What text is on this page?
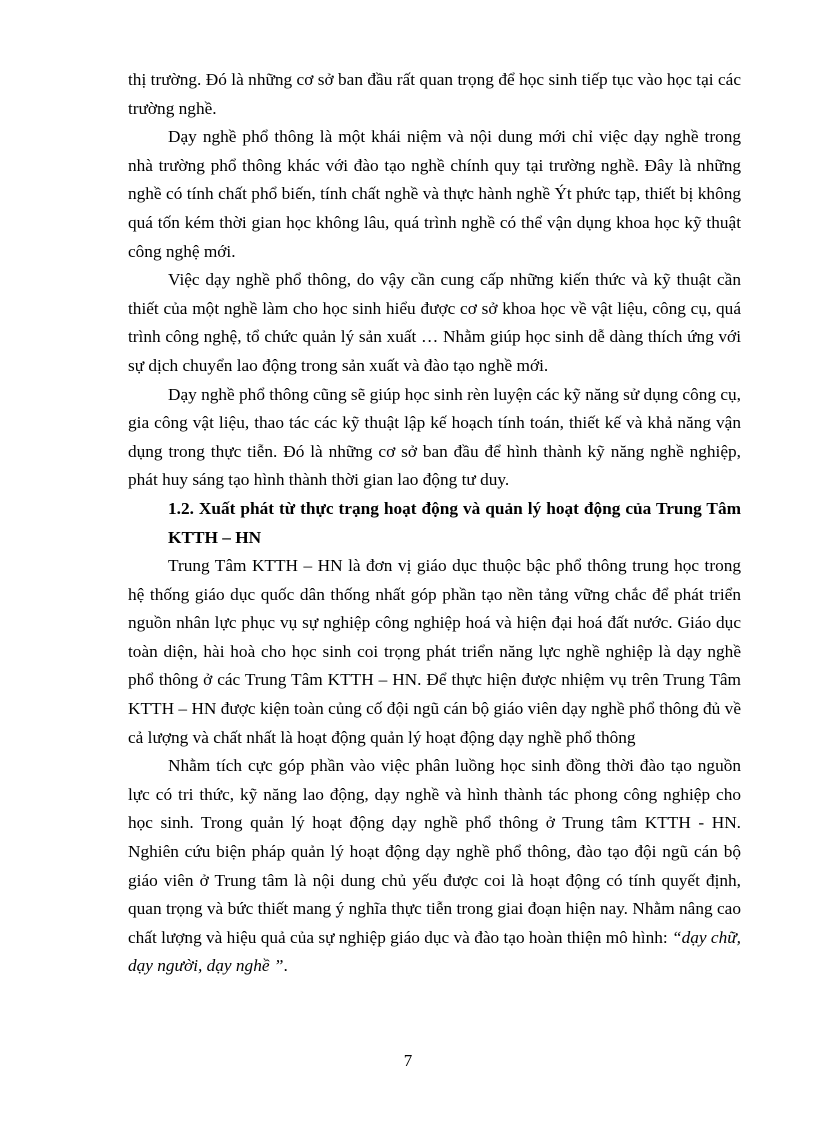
thị trường. Đó là những cơ sở ban đầu rất quan trọng để học sinh tiếp tục vào học tại các trường nghề.

Dạy nghề phổ thông là một khái niệm và nội dung mới chỉ việc dạy nghề trong nhà trường phổ thông khác với đào tạo nghề chính quy tại trường nghề. Đây là những nghề có tính chất phổ biến, tính chất nghề và thực hành nghề Ýt phức tạp, thiết bị không quá tốn kém thời gian học không lâu, quá trình nghề có thể vận dụng khoa học kỹ thuật công nghệ mới.

Việc dạy nghề phổ thông, do vậy cần cung cấp những kiến thức và kỹ thuật cần thiết của một nghề làm cho học sinh hiểu được cơ sở khoa học về vật liệu, công cụ, quá trình công nghệ, tổ chức quản lý sản xuất … Nhằm giúp học sinh dễ dàng thích ứng với sự dịch chuyển lao động trong sản xuất và đào tạo nghề mới.

Dạy nghề phổ thông cũng sẽ giúp học sinh rèn luyện các kỹ năng sử dụng công cụ, gia công vật liệu, thao tác các kỹ thuật lập kế hoạch tính toán, thiết kế và khả năng vận dụng trong thực tiễn. Đó là những cơ sở ban đầu để hình thành kỹ năng nghề nghiệp, phát huy sáng tạo hình thành thời gian lao động tư duy.

1.2. Xuất phát từ thực trạng hoạt động và quản lý hoạt động của Trung Tâm KTTH – HN

Trung Tâm KTTH – HN là đơn vị giáo dục thuộc bậc phổ thông trung học trong hệ thống giáo dục quốc dân thống nhất góp phần tạo nền tảng vững chắc để phát triển nguồn nhân lực phục vụ sự nghiệp công nghiệp hoá và hiện đại hoá đất nước. Giáo dục toàn diện, hài hoà cho học sinh coi trọng phát triển năng lực nghề nghiệp là dạy nghề phổ thông ở các Trung Tâm KTTH – HN. Để thực hiện được nhiệm vụ trên Trung Tâm KTTH – HN được kiện toàn củng cố đội ngũ cán bộ giáo viên dạy nghề phổ thông đủ về cả lượng và chất nhất là hoạt động quản lý hoạt động dạy nghề phổ thông

Nhằm tích cực góp phần vào việc phân luồng học sinh đồng thời đào tạo nguồn lực có tri thức, kỹ năng lao động, dạy nghề và hình thành tác phong công nghiệp cho học sinh. Trong quản lý hoạt động dạy nghề phổ thông ở Trung tâm KTTH - HN. Nghiên cứu biện pháp quản lý hoạt động dạy nghề phổ thông, đào tạo đội ngũ cán bộ giáo viên ở Trung tâm là nội dung chủ yếu được coi là hoạt động có tính quyết định, quan trọng và bức thiết mang ý nghĩa thực tiễn trong giai đoạn hiện nay. Nhằm nâng cao chất lượng và hiệu quả của sự nghiệp giáo dục và đào tạo hoàn thiện mô hình: “dạy chữ, dạy người, dạy nghề ”.

7
